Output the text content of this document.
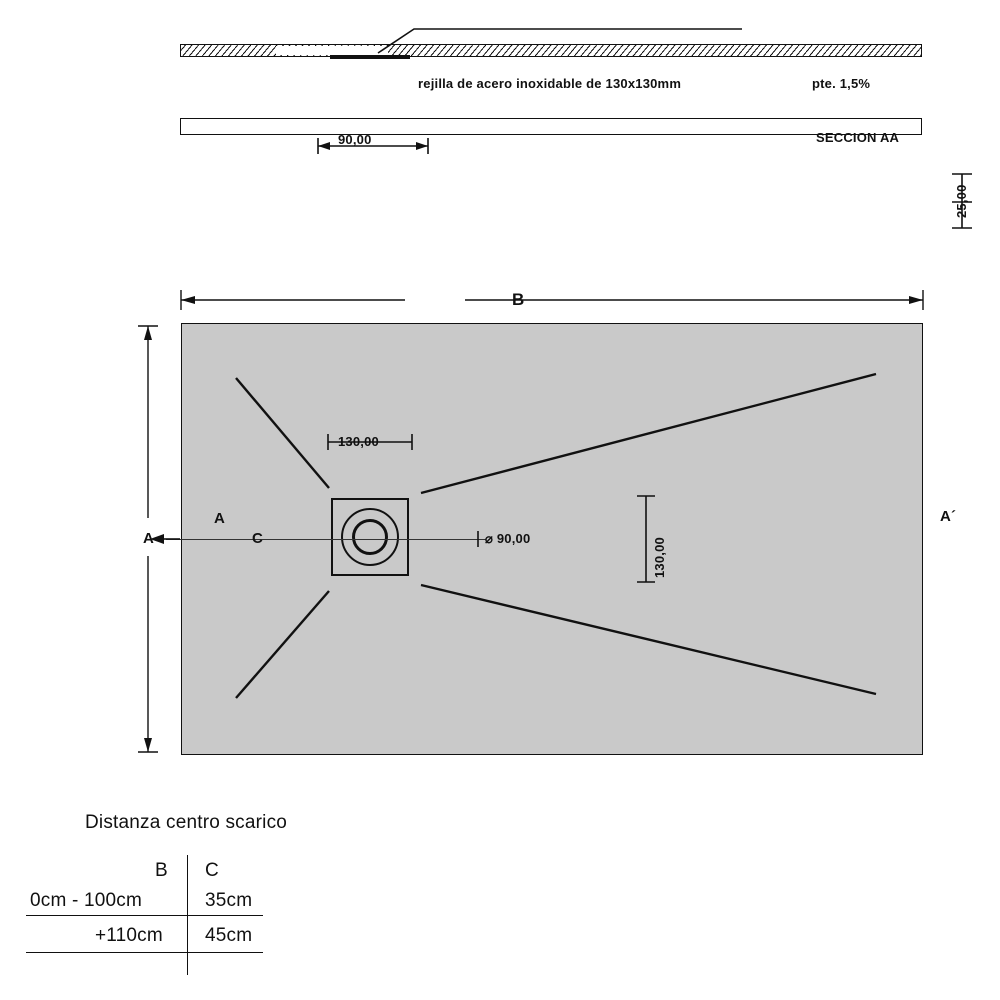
rejilla de acero inoxidable de 130x130mm	pte. 1,5%
90,00	SECCION AA
25,00
B
130,00
130,00
A
A
C
A´
⌀ 90,00
Distanza centro scarico
B C
0cm - 100cm	35cm
+110cm 45cm
